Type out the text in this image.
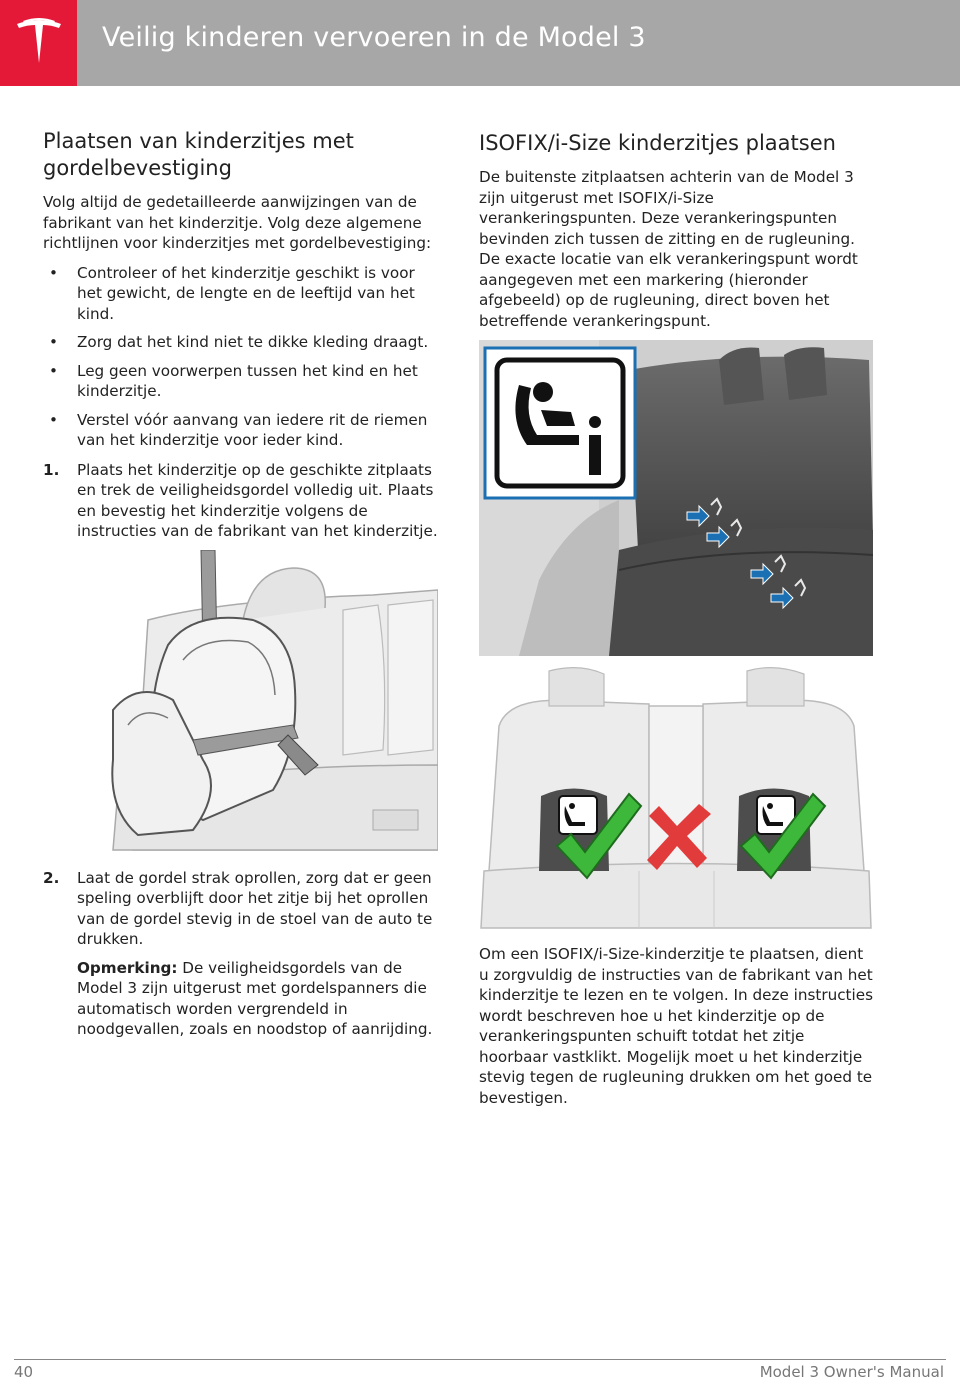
Veilig kinderen vervoeren in de Model 3
Plaatsen van kinderzitjes met gordelbevestiging

Volg altijd de gedetailleerde aanwijzingen van de fabrikant van het kinderzitje. Volg deze algemene richtlijnen voor kinderzitjes met gordelbevestiging:

• Controleer of het kinderzitje geschikt is voor het gewicht, de lengte en de leeftijd van het kind.
• Zorg dat het kind niet te dikke kleding draagt.
• Leg geen voorwerpen tussen het kind en het kinderzitje.
• Verstel vóór aanvang van iedere rit de riemen van het kinderzitje voor ieder kind.
1. Plaats het kinderzitje op de geschikte zitplaats en trek de veiligheidsgordel volledig uit. Plaats en bevestig het kinderzitje volgens de instructies van de fabrikant van het kinderzitje.
2. Laat de gordel strak oprollen, zorg dat er geen speling overblijft door het zitje bij het oprollen van de gordel stevig in de stoel van de auto te drukken.

Opmerking: De veiligheidsgordels van de Model 3 zijn uitgerust met gordelspanners die automatisch worden vergrendeld in noodgevallen, zoals en noodstop of aanrijding.

ISOFIX/i-Size kinderzitjes plaatsen

De buitenste zitplaatsen achterin van de Model 3 zijn uitgerust met ISOFIX/i-Size verankeringspunten. Deze verankeringspunten bevinden zich tussen de zitting en de rugleuning. De exacte locatie van elk verankeringspunt wordt aangegeven met een markering (hieronder afgebeeld) op de rugleuning, direct boven het betreffende verankeringspunt.

Om een ISOFIX/i-Size-kinderzitje te plaatsen, dient u zorgvuldig de instructies van de fabrikant van het kinderzitje te lezen en te volgen. In deze instructies wordt beschreven hoe u het kinderzitje op de verankeringspunten schuift totdat het zitje hoorbaar vastklikt. Mogelijk moet u het kinderzitje stevig tegen de rugleuning drukken om het goed te bevestigen.

40	Model 3 Owner's Manual
